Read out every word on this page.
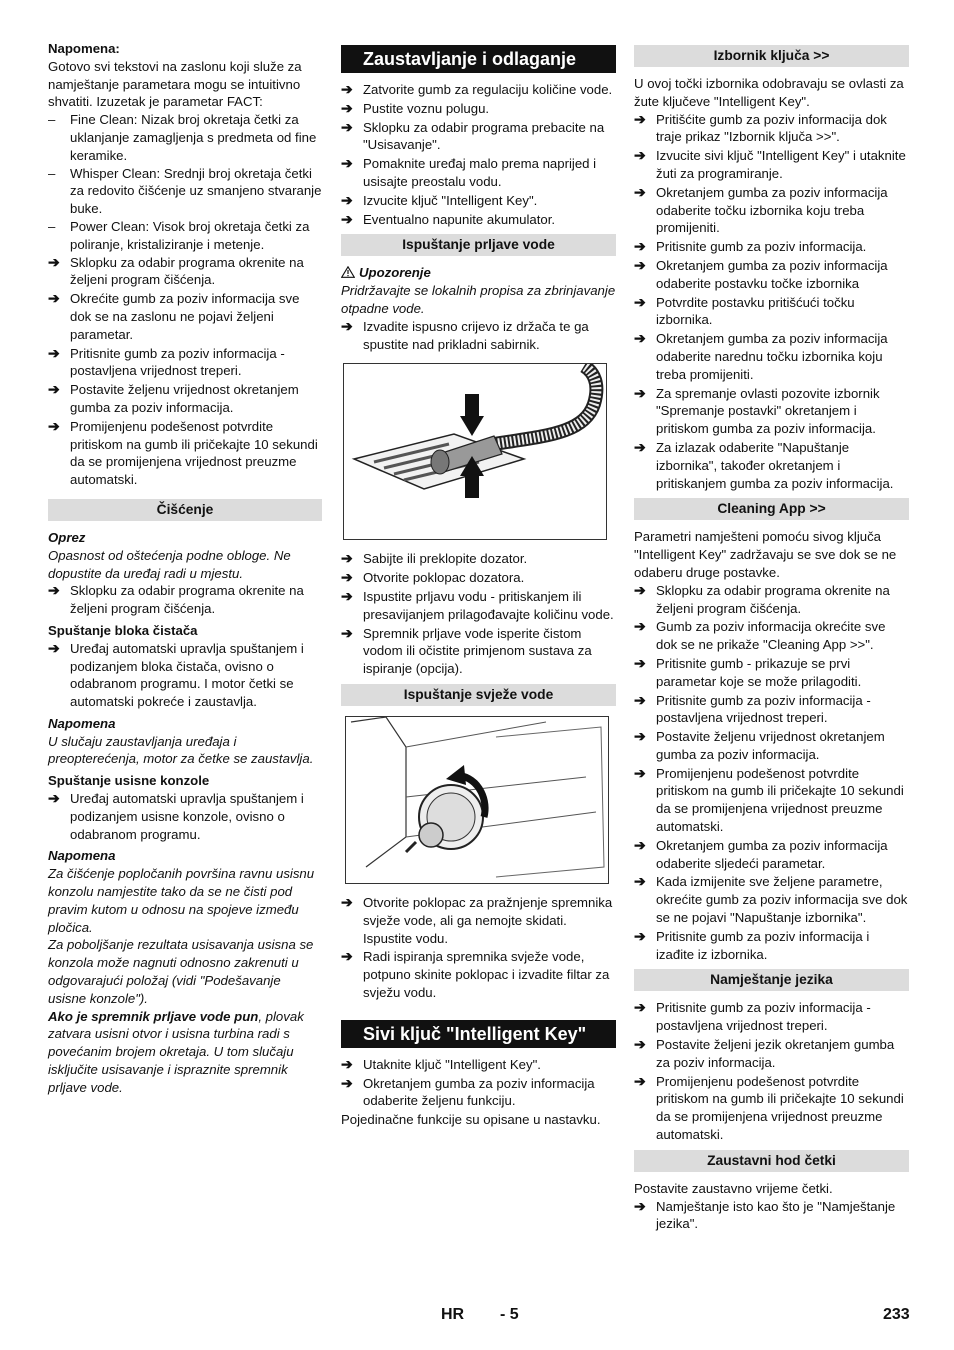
Napomena:

Gotovo svi tekstovi na zaslonu koji služe za namještanje parametara mogu se intuitivno shvatiti. Izuzetak je parametar FACT:

– Fine Clean: Nizak broj okretaja četki za uklanjanje zamagljenja s predmeta od fine keramike.
– Whisper Clean: Srednji broj okretaja četki za redovito čišćenje uz smanjeno stvaranje buke.
– Power Clean: Visok broj okretaja četki za poliranje, kristaliziranje i metenje.
➔ Sklopku za odabir programa okrenite na željeni program čišćenja.
➔ Okrećite gumb za poziv informacija sve dok se na zaslonu ne pojavi željeni parametar.
➔ Pritisnite gumb za poziv informacija - postavljena vrijednost treperi.
➔ Postavite željenu vrijednost okretanjem gumba za poziv informacija.
➔ Promijenjenu podešenost potvrdite pritiskom na gumb ili pričekajte 10 sekundi da se promijenjena vrijednost preuzme automatski.
Čišćenje

Oprez

Opasnost od oštećenja podne obloge. Ne dopustite da uređaj radi u mjestu.

➔ Sklopku za odabir programa okrenite na željeni program čišćenja.

Spuštanje bloka čistača

➔ Uređaj automatski upravlja spuštanjem i podizanjem bloka čistača, ovisno o odabranom programu. I motor četki se automatski pokreće i zaustavlja.

Napomena

U slučaju zaustavljanja uređaja i preopterećenja, motor za četke se zaustavlja.

Spuštanje usisne konzole

➔ Uređaj automatski upravlja spuštanjem i podizanjem usisne konzole, ovisno o odabranom programu.

Napomena

Za čišćenje popločanih površina ravnu usisnu konzolu namjestite tako da se ne čisti pod pravim kutom u odnosu na spojeve između pločica.

Za poboljšanje rezultata usisavanja usisna se konzola može nagnuti odnosno zakrenuti u odgovarajući položaj (vidi "Podešavanje usisne konzole").

Ako je spremnik prljave vode pun, plovak zatvara usisni otvor i usisna turbina radi s povećanim brojem okretaja. U tom slučaju isključite usisavanje i ispraznite spremnik prljave vode.

Zaustavljanje i odlaganje
➔ Zatvorite gumb za regulaciju količine vode.
➔ Pustite voznu polugu.
➔ Sklopku za odabir programa prebacite na "Usisavanje".
➔ Pomaknite uređaj malo prema naprijed i usisajte preostalu vodu.
➔ Izvucite ključ "Intelligent Key".
➔ Eventualno napunite akumulator.
Ispuštanje prljave vode

Upozorenje

Pridržavajte se lokalnih propisa za zbrinjavanje otpadne vode.

➔ Izvadite ispusno crijevo iz držača te ga spustite nad prikladni sabirnik.
➔ Sabijte ili preklopite dozator.
➔ Otvorite poklopac dozatora.
➔ Ispustite prljavu vodu - pritiskanjem ili presavijanjem prilagođavajte količinu vode.
➔ Spremnik prljave vode isperite čistom vodom ili očistite primjenom sustava za ispiranje (opcija).
Ispuštanje svježe vode
➔ Otvorite poklopac za pražnjenje spremnika svježe vode, ali ga nemojte skidati. Ispustite vodu.
➔ Radi ispiranja spremnika svježe vode, potpuno skinite poklopac i izvadite filtar za svježu vodu.
Sivi ključ "Intelligent Key"
➔ Utaknite ključ "Intelligent Key".
➔ Okretanjem gumba za poziv informacija odaberite željenu funkciju.

Pojedinačne funkcije su opisane u nastavku.

Izbornik ključa >>

U ovoj točki izbornika odobravaju se ovlasti za žute ključeve "Intelligent Key".

➔ Pritišćite gumb za poziv informacija dok traje prikaz "Izbornik ključa >>".
➔ Izvucite sivi ključ "Intelligent Key" i utaknite žuti za programiranje.
➔ Okretanjem gumba za poziv informacija odaberite točku izbornika koju treba promijeniti.
➔ Pritisnite gumb za poziv informacija.
➔ Okretanjem gumba za poziv informacija odaberite postavku točke izbornika
➔ Potvrdite postavku pritišćući točku izbornika.
➔ Okretanjem gumba za poziv informacija odaberite narednu točku izbornika koju treba promijeniti.
➔ Za spremanje ovlasti pozovite izbornik "Spremanje postavki" okretanjem i pritiskom gumba za poziv informacija.
➔ Za izlazak odaberite "Napuštanje izbornika", također okretanjem i pritiskanjem gumba za poziv informacija.
Cleaning App >>

Parametri namješteni pomoću sivog ključa "Intelligent Key" zadržavaju se sve dok se ne odaberu druge postavke.

➔ Sklopku za odabir programa okrenite na željeni program čišćenja.
➔ Gumb za poziv informacija okrećite sve dok se ne prikaže "Cleaning App >>".
➔ Pritisnite gumb - prikazuje se prvi parametar koje se može prilagoditi.
➔ Pritisnite gumb za poziv informacija - postavljena vrijednost treperi.
➔ Postavite željenu vrijednost okretanjem gumba za poziv informacija.
➔ Promijenjenu podešenost potvrdite pritiskom na gumb ili pričekajte 10 sekundi da se promijenjena vrijednost preuzme automatski.
➔ Okretanjem gumba za poziv informacija odaberite sljedeći parametar.
➔ Kada izmijenite sve željene parametre, okrećite gumb za poziv informacija sve dok se ne pojavi "Napuštanje izbornika".
➔ Pritisnite gumb za poziv informacija i izađite iz izbornika.
Namještanje jezika
➔ Pritisnite gumb za poziv informacija - postavljena vrijednost treperi.
➔ Postavite željeni jezik okretanjem gumba za poziv informacija.
➔ Promijenjenu podešenost potvrdite pritiskom na gumb ili pričekajte 10 sekundi da se promijenjena vrijednost preuzme automatski.
Zaustavni hod četki

Postavite zaustavno vrijeme četki.

➔ Namještanje isto kao što je "Namještanje jezika".
HR - 5	233
